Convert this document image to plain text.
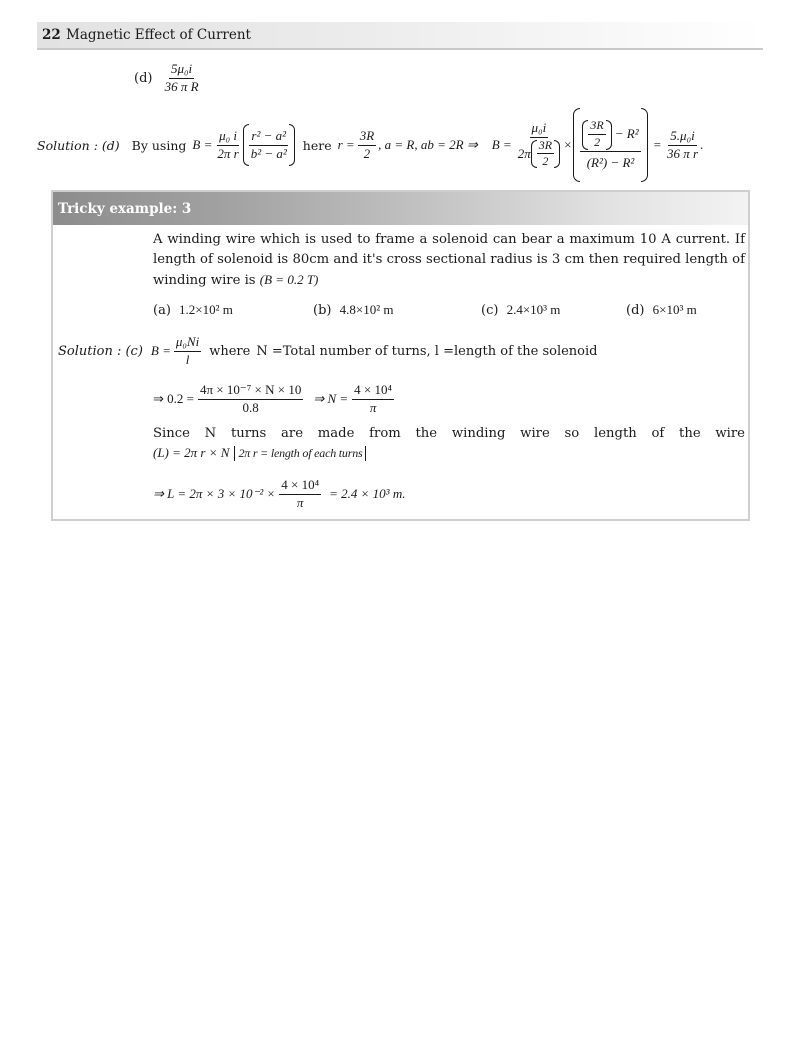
22 Magnetic Effect of Current
$(d) \frac{\text{5μ₀i}}{\text{36 π R}}$
Solution : (d) By using $B = \frac{\text{μ₀ i}}{\text{2π r}} \frac{\text{r² − a²}}{\text{b² − a²}}$ here $r = \frac{3R}{2}$ , a = R, ab = 2R ⇒ $B = \frac{\text{μ₀i}}{2\pi \frac{3R}{2}} \times \frac{\frac{3R}{2} - R^2}{\text{(R²) − R²}} = \frac{\text{5.μ₀i}}{\text{36 π r}}$ .
Tricky example: 3
A winding wire which is used to frame a solenoid can bear a maximum 10 A current. If
length of solenoid is 80cm and it's cross sectional radius is 3 cm then required length of
winding wire is (B = 0.2 T)
(a) 1.2×10² m	(b) 4.8×10² m	(c) 2.4×10³ m	(d) 6×10³ m
Solution : (c) $B = \frac{\text{μ₀Ni}}{l}$ where N =Total number of turns, l =length of the solenoid
⇒ $0.2 = \frac{\text{4π × 10⁻⁷ × N × 10}}{0.8}$ ⇒ $N = \frac{\text{4 × 10⁴}}{\pi}$
Since N turns are made from the winding wire so length of the wire
(L) = 2π r × N 2π r = length of each turns
⇒ $L = 2\pi \times 3 \times 10^{-2} \times \frac{\text{4 × 10⁴}}{\pi} = 2.4 \times 10^3$ m.
